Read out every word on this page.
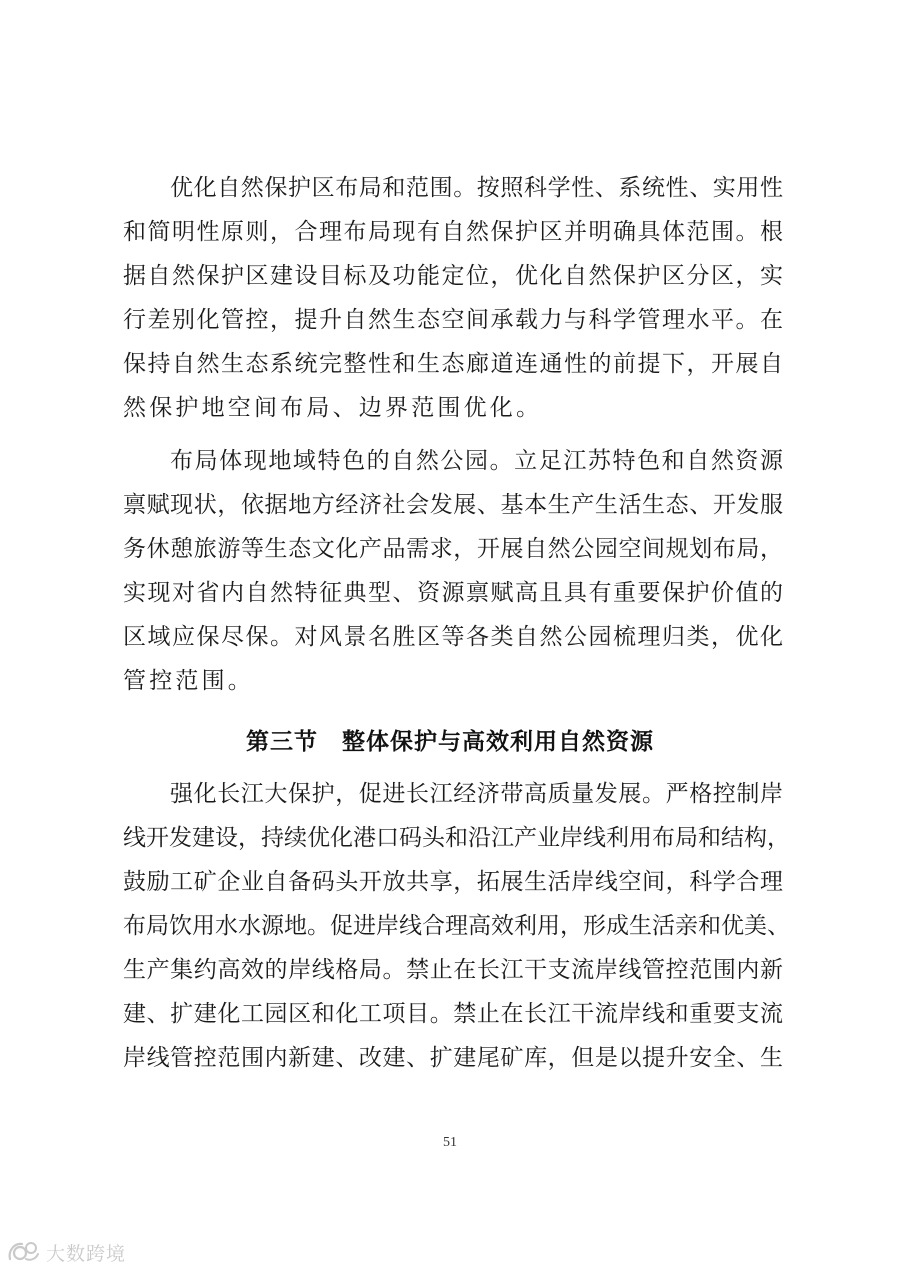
优化自然保护区布局和范围。按照科学性、系统性、实用性
和简明性原则，合理布局现有自然保护区并明确具体范围。根
据自然保护区建设目标及功能定位，优化自然保护区分区，实
行差别化管控，提升自然生态空间承载力与科学管理水平。在
保持自然生态系统完整性和生态廊道连通性的前提下，开展自
然保护地空间布局、边界范围优化。
布局体现地域特色的自然公园。立足江苏特色和自然资源
禀赋现状，依据地方经济社会发展、基本生产生活生态、开发服
务休憩旅游等生态文化产品需求，开展自然公园空间规划布局，
实现对省内自然特征典型、资源禀赋高且具有重要保护价值的
区域应保尽保。对风景名胜区等各类自然公园梳理归类，优化
管控范围。
第三节　整体保护与高效利用自然资源
强化长江大保护，促进长江经济带高质量发展。严格控制岸
线开发建设，持续优化港口码头和沿江产业岸线利用布局和结构，
鼓励工矿企业自备码头开放共享，拓展生活岸线空间，科学合理
布局饮用水水源地。促进岸线合理高效利用，形成生活亲和优美、
生产集约高效的岸线格局。禁止在长江干支流岸线管控范围内新
建、扩建化工园区和化工项目。禁止在长江干流岸线和重要支流
岸线管控范围内新建、改建、扩建尾矿库，但是以提升安全、生
51
大数跨境
